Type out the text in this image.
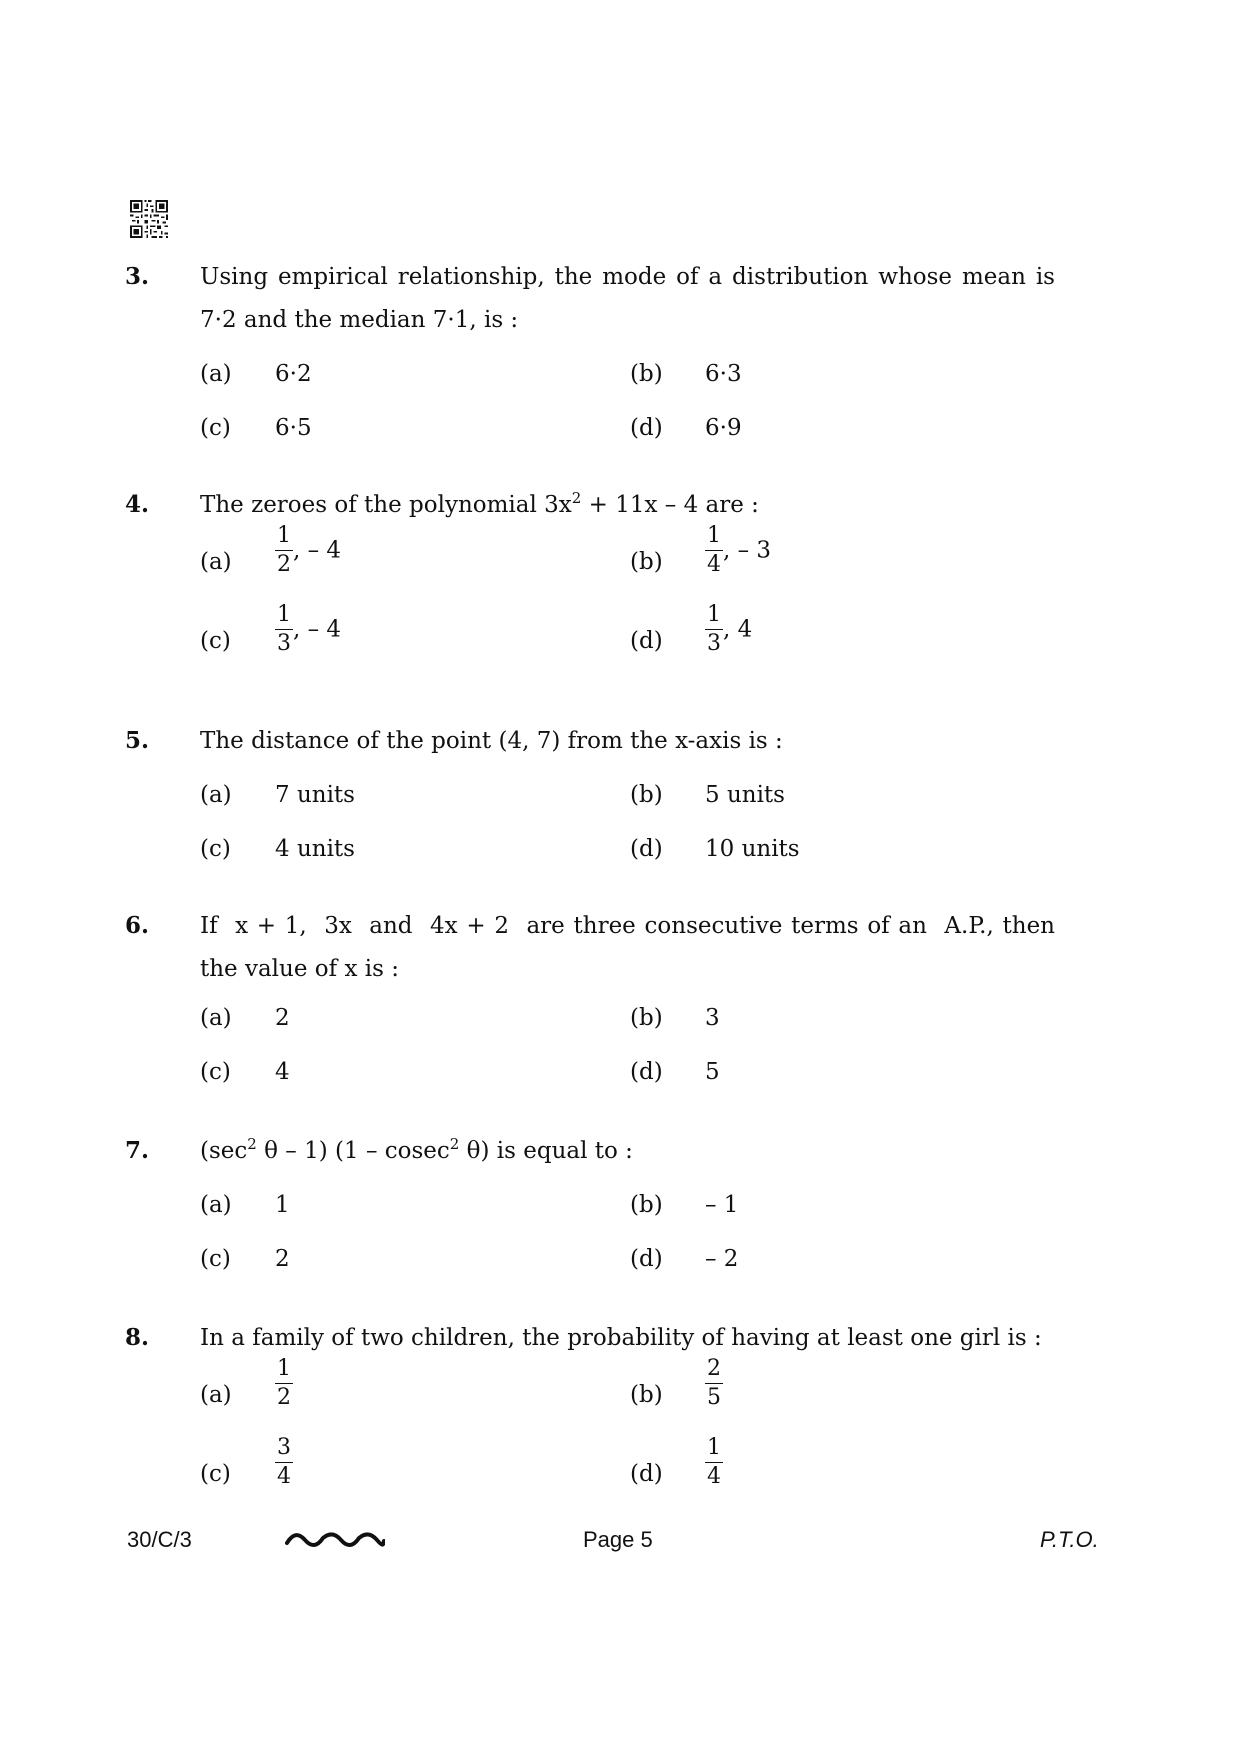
3. Using empirical relationship, the mode of a distribution whose mean is 7·2 and the median 7·1, is :
(a) 6·2	(b) 6·3
(c) 6·5	(d) 6·9
4. The zeroes of the polynomial $3x^2 + 11x - 4$ are :
$(a) \frac{1}{2}$ , – 4	$(b) \frac{1}{4}$ , – 3
$(c) \frac{1}{3}$ , – 4	$(d) \frac{1}{3}$ , 4
5. The distance of the point (4, 7) from the x-axis is :
(a) 7 units	(b) 5 units
(c) 4 units	(d) 10 units
6. If  x + 1,  3x  and  4x + 2  are three consecutive terms of an  A.P., then the value of x is :
(a) 2	(b) 3
(c) 4	(d) 5
7. ($\sec^2$ θ – 1) (1 – cosec$^2$ θ) is equal to :
(a) 1	(b) – 1
(c) 2	(d) – 2
8. In a family of two children, the probability of having at least one girl is :
$(a) \frac{1}{2}$	$(b) \frac{2}{5}$
$(c) \frac{3}{4}$	$(d) \frac{1}{4}$
30/C/3	Page 5	P.T.O.
